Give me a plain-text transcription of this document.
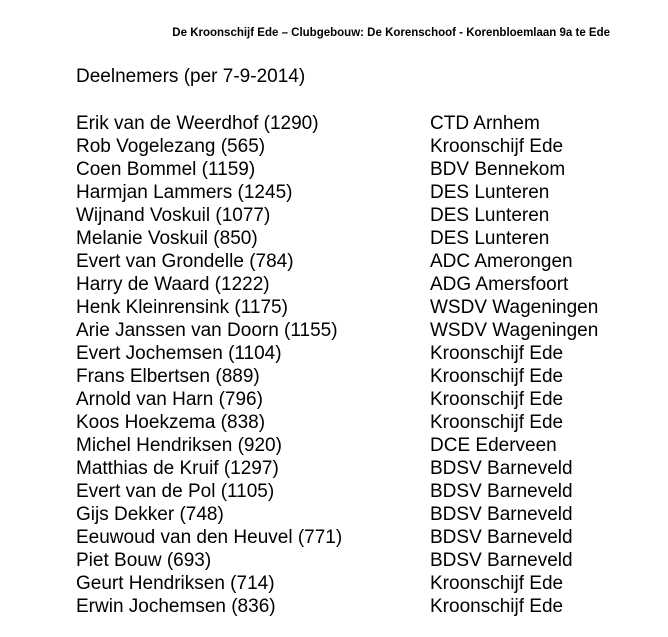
De Kroonschijf Ede – Clubgebouw: De Korenschoof - Korenbloemlaan 9a te Ede
Deelnemers (per 7-9-2014)
Erik van de Weerdhof (1290)	CTD Arnhem
Rob Vogelezang (565)	Kroonschijf Ede
Coen Bommel (1159)	BDV Bennekom
Harmjan Lammers (1245)	DES Lunteren
Wijnand Voskuil (1077)	DES Lunteren
Melanie Voskuil (850)	DES Lunteren
Evert van Grondelle (784)	ADC Amerongen
Harry de Waard (1222)	ADG Amersfoort
Henk Kleinrensink (1175)	WSDV Wageningen
Arie Janssen van Doorn (1155)	WSDV Wageningen
Evert Jochemsen (1104)	Kroonschijf Ede
Frans Elbertsen (889)	Kroonschijf Ede
Arnold van Harn (796)	Kroonschijf Ede
Koos Hoekzema (838)	Kroonschijf Ede
Michel Hendriksen (920)	DCE Ederveen
Matthias de Kruif (1297)	BDSV Barneveld
Evert van de Pol (1105)	BDSV Barneveld
Gijs Dekker (748)	BDSV Barneveld
Eeuwoud van den Heuvel (771)	BDSV Barneveld
Piet Bouw (693)	BDSV Barneveld
Geurt Hendriksen (714)	Kroonschijf Ede
Erwin Jochemsen (836)	Kroonschijf Ede
